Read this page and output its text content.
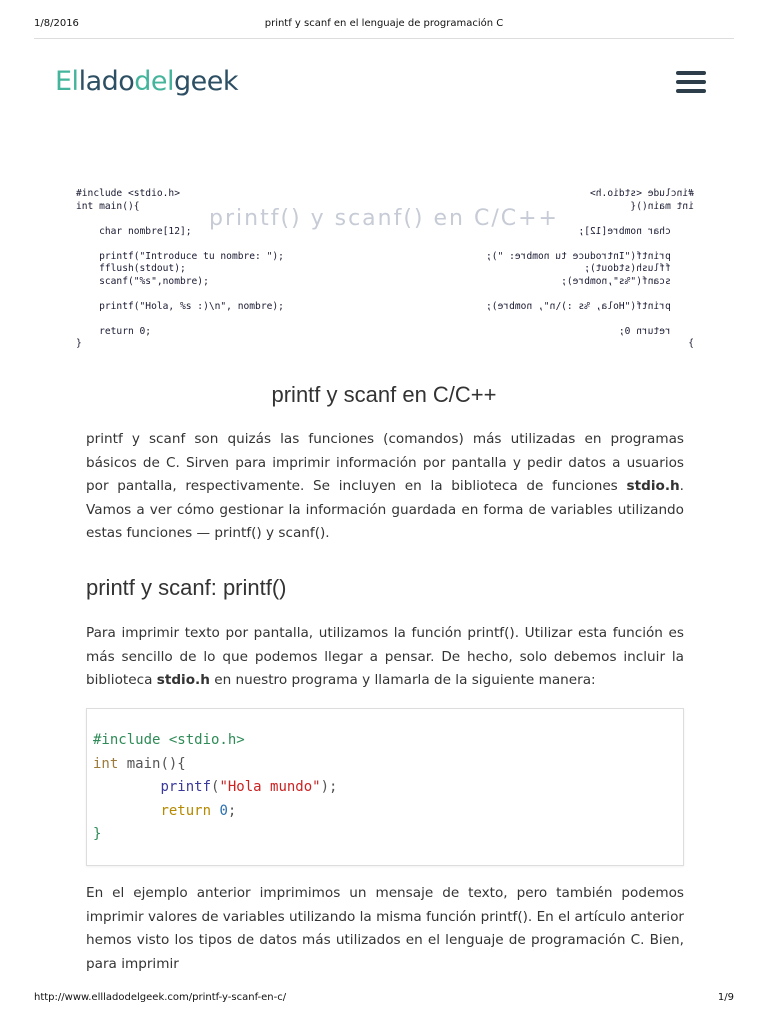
1/8/2016	printf y scanf en el lenguaje de programación C
Elladodelgeek
#include <stdio.h>
int main(){

char nombre[12];

printf("Introduce tu nombre: ");
fflush(stdout);
scanf("%s",nombre);

printf("Hola, %s :)\n", nombre);

return 0;
}
#include <stdio.h>
int main(){

char nombre[12];

printf("Introduce tu nombre: ");
fflush(stdout);
scanf("%s",nombre);

printf("Hola, %s :)\n", nombre);

return 0;
}
printf() y scanf() en C/C++
printf y scanf en C/C++
printf y scanf son quizás las funciones (comandos) más utilizadas en programas básicos de C. Sirven para imprimir información por pantalla y pedir datos a usuarios por pantalla, respectivamente. Se incluyen en la biblioteca de funciones stdio.h. Vamos a ver cómo gestionar la información guardada en forma de variables utilizando estas funciones — printf() y scanf().
printf y scanf: printf()
Para imprimir texto por pantalla, utilizamos la función printf(). Utilizar esta función es más sencillo de lo que podemos llegar a pensar. De hecho, solo debemos incluir la biblioteca stdio.h en nuestro programa y llamarla de la siguiente manera:
#include <stdio.h>
int main(){
printf("Hola mundo");
return 0;
}
En el ejemplo anterior imprimimos un mensaje de texto, pero también podemos imprimir valores de variables utilizando la misma función printf(). En el artículo anterior hemos visto los tipos de datos más utilizados en el lenguaje de programación C. Bien, para imprimir
http://www.ellladodelgeek.com/printf-y-scanf-en-c/	1/9
